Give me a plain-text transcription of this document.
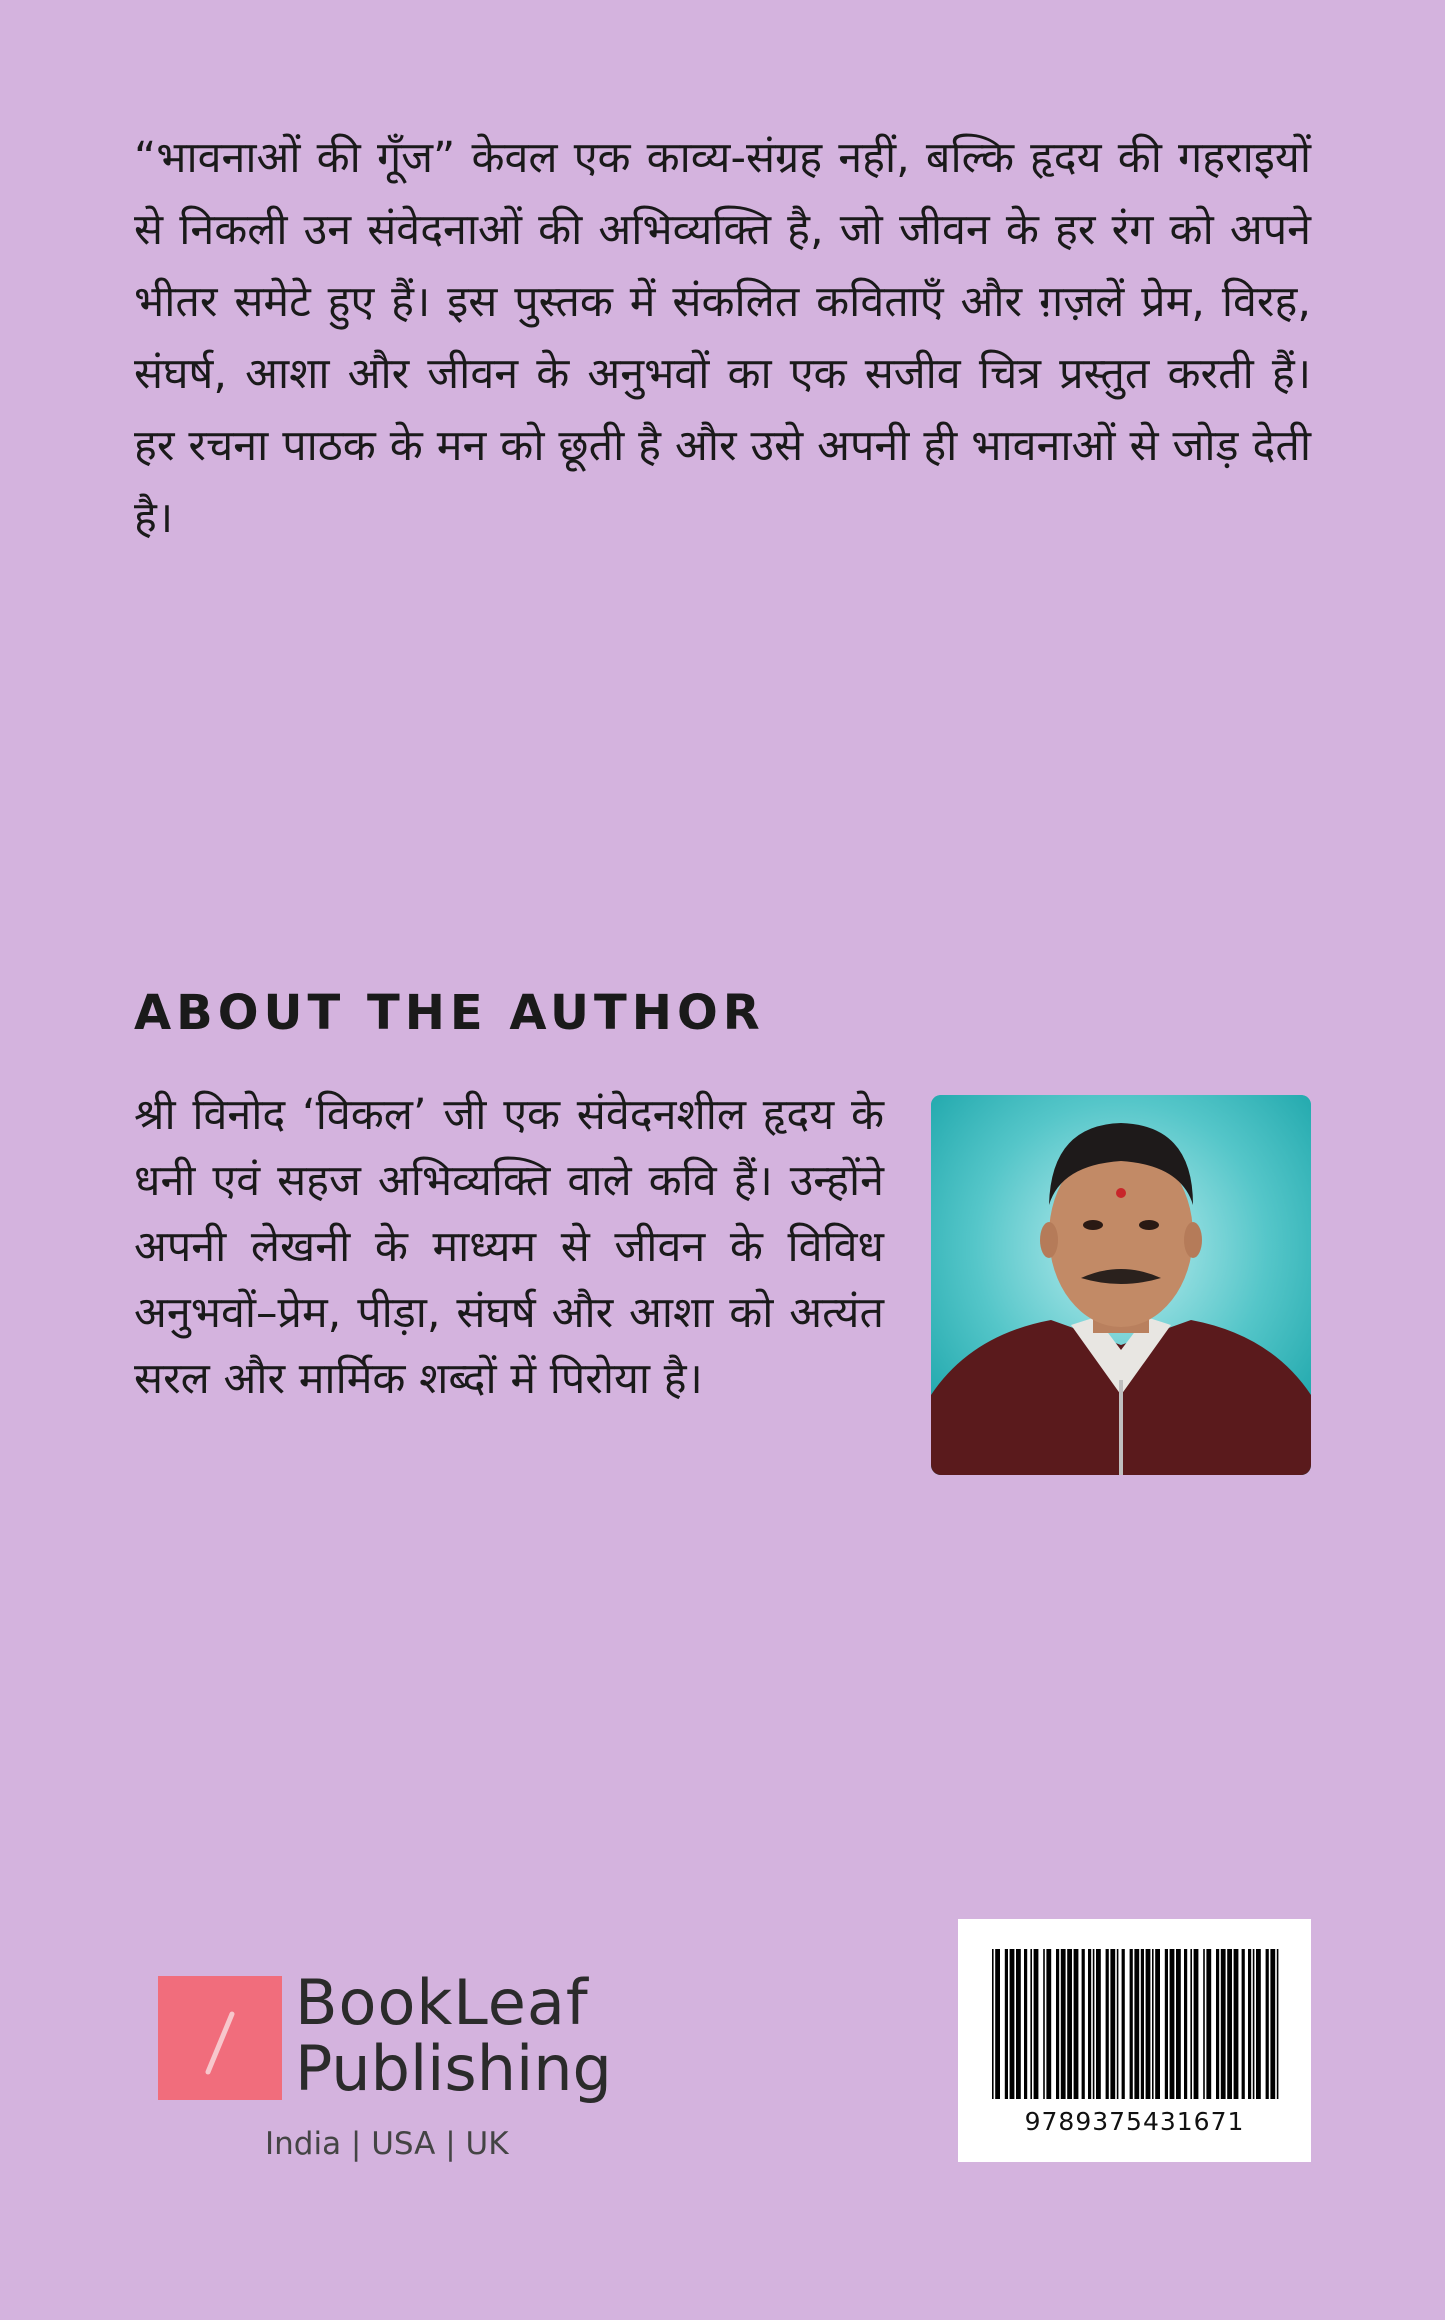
“भावनाओं की गूँज” केवल एक काव्य-संग्रह नहीं, बल्कि हृदय की गहराइयों से निकली उन संवेदनाओं की अभिव्यक्ति है, जो जीवन के हर रंग को अपने भीतर समेटे हुए हैं। इस पुस्तक में संकलित कविताएँ और ग़ज़लें प्रेम, विरह, संघर्ष, आशा और जीवन के अनुभवों का एक सजीव चित्र प्रस्तुत करती हैं। हर रचना पाठक के मन को छूती है और उसे अपनी ही भावनाओं से जोड़ देती है।

ABOUT THE AUTHOR

श्री विनोद ‘विकल’ जी एक संवेदनशील हृदय के धनी एवं सहज अभिव्यक्ति वाले कवि हैं। उन्होंने अपनी लेखनी के माध्यम से जीवन के विविध अनुभवों–प्रेम, पीड़ा, संघर्ष और आशा को अत्यंत सरल और मार्मिक शब्दों में पिरोया है।

BookLeaf
Publishing
India | USA | UK
9789375431671
